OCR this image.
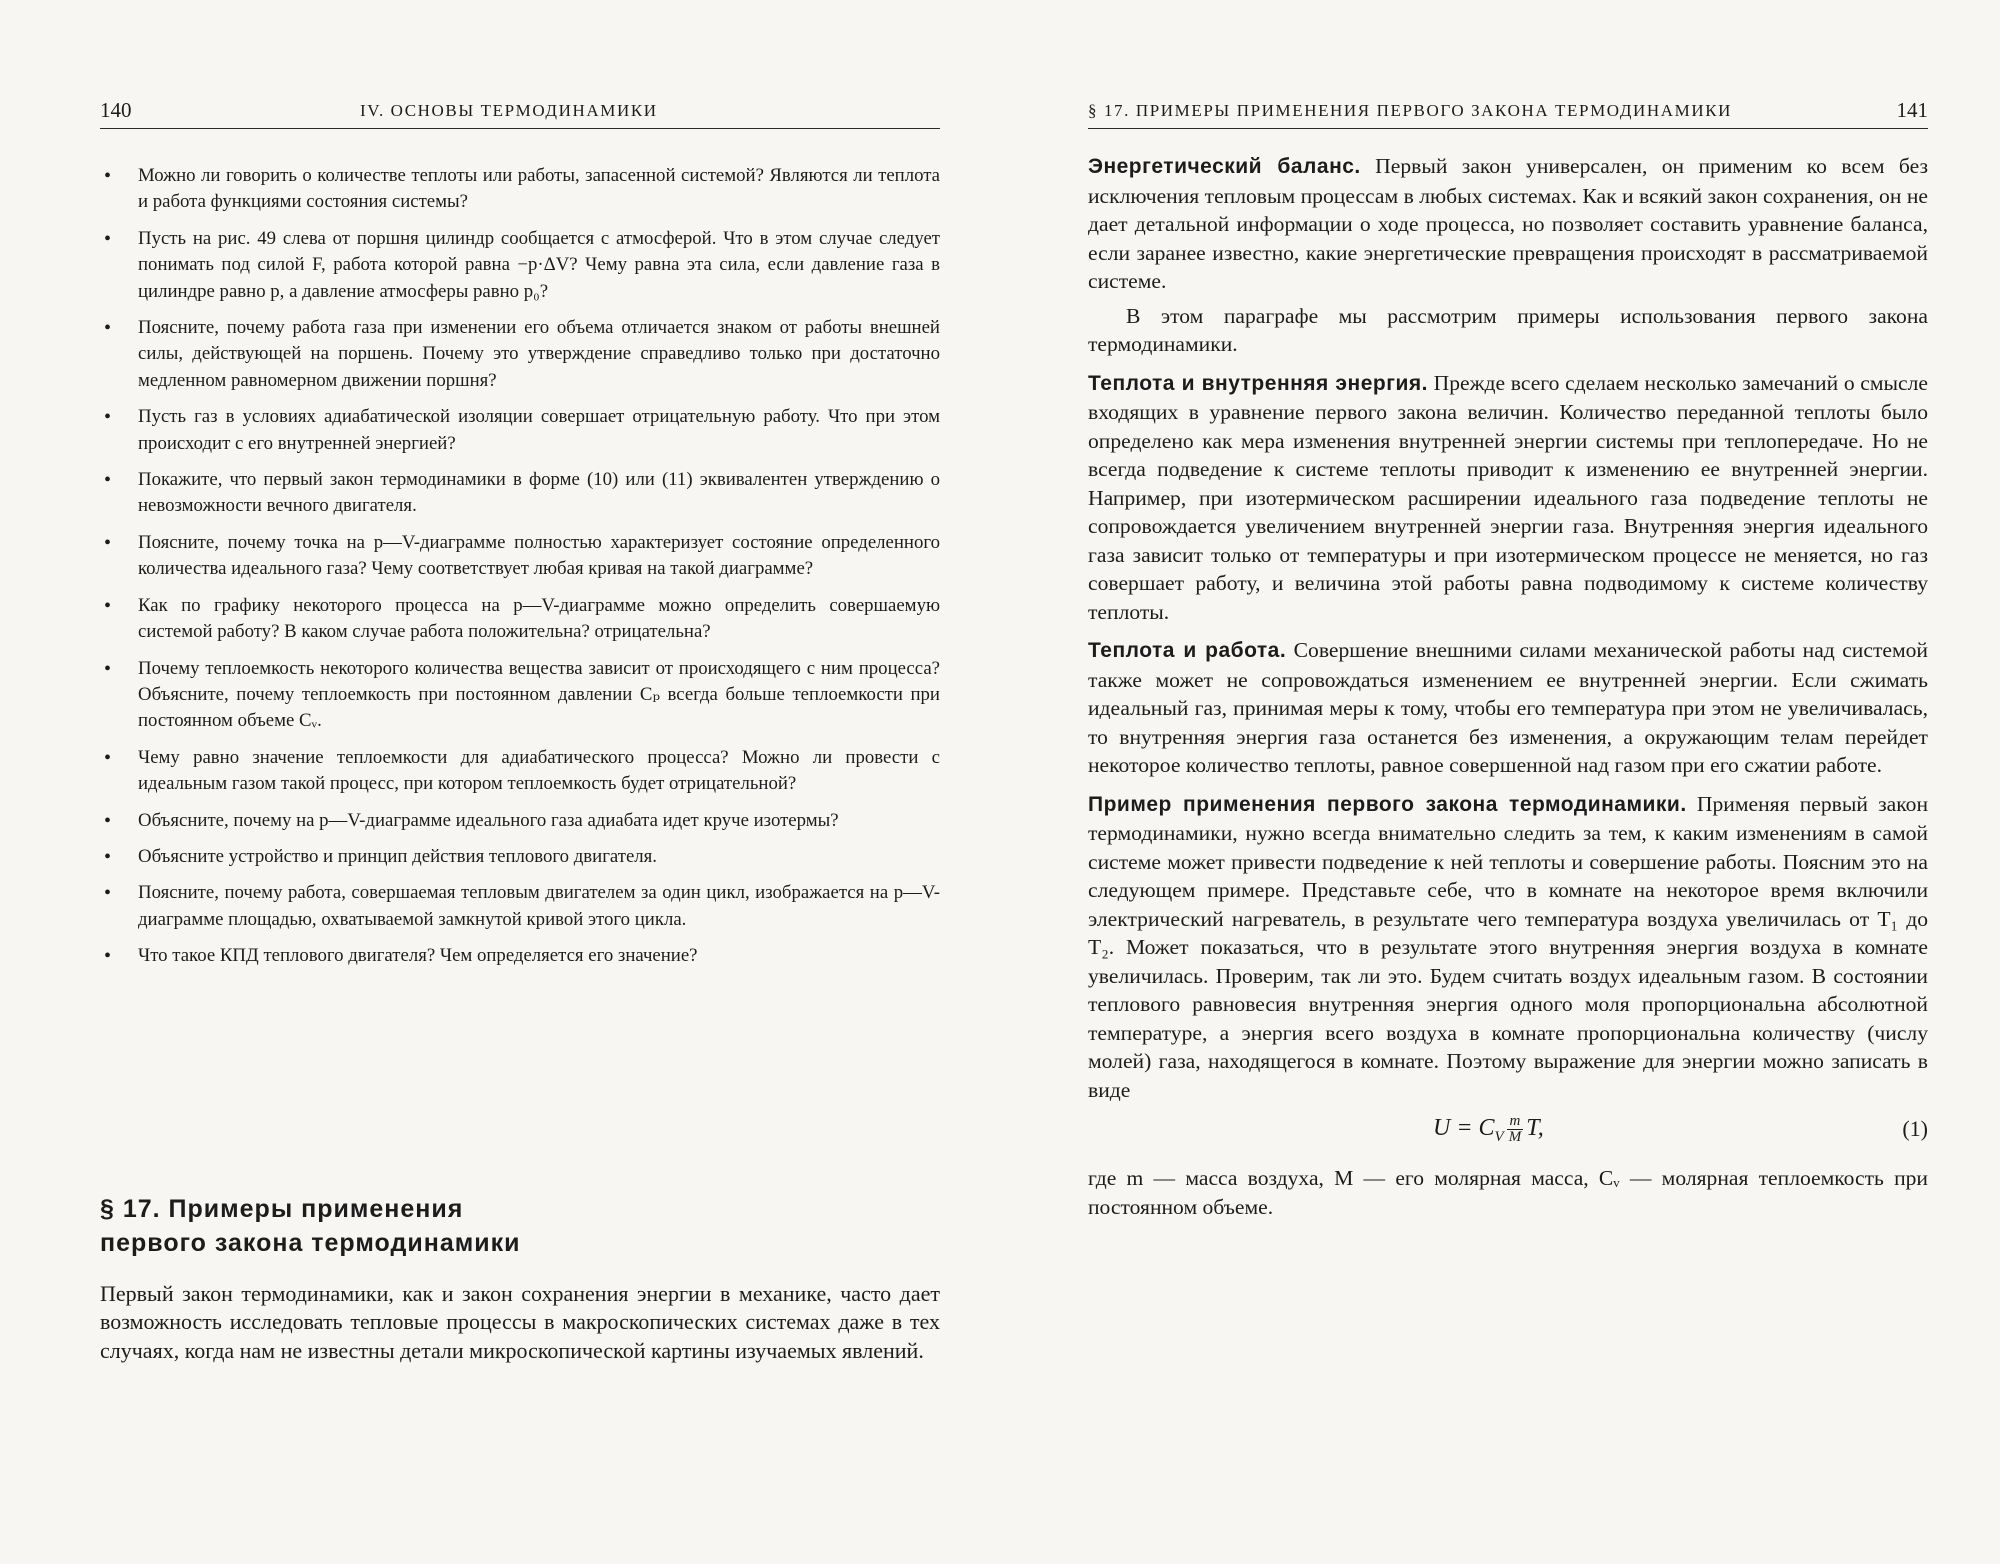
140	IV. ОСНОВЫ ТЕРМОДИНАМИКИ
• Можно ли говорить о количестве теплоты или работы, запасенной системой? Являются ли теплота и работа функциями состояния системы?
• Пусть на рис. 49 слева от поршня цилиндр сообщается с атмосферой. Что в этом случае следует понимать под силой F, работа которой равна −p·ΔV? Чему равна эта сила, если давление газа в цилиндре равно p, а давление атмосферы равно p₀?
• Поясните, почему работа газа при изменении его объема отличается знаком от работы внешней силы, действующей на поршень. Почему это утверждение справедливо только при достаточно медленном равномерном движении поршня?
• Пусть газ в условиях адиабатической изоляции совершает отрицательную работу. Что при этом происходит с его внутренней энергией?
• Покажите, что первый закон термодинамики в форме (10) или (11) эквивалентен утверждению о невозможности вечного двигателя.
• Поясните, почему точка на p—V-диаграмме полностью характеризует состояние определенного количества идеального газа? Чему соответствует любая кривая на такой диаграмме?
• Как по графику некоторого процесса на p—V-диаграмме можно определить совершаемую системой работу? В каком случае работа положительна? отрицательна?
• Почему теплоемкость некоторого количества вещества зависит от происходящего с ним процесса? Объясните, почему теплоемкость при постоянном давлении Cₚ всегда больше теплоемкости при постоянном объеме Cᵥ.
• Чему равно значение теплоемкости для адиабатического процесса? Можно ли провести с идеальным газом такой процесс, при котором теплоемкость будет отрицательной?
• Объясните, почему на p—V-диаграмме идеального газа адиабата идет круче изотермы?
• Объясните устройство и принцип действия теплового двигателя.
• Поясните, почему работа, совершаемая тепловым двигателем за один цикл, изображается на p—V-диаграмме площадью, охватываемой замкнутой кривой этого цикла.
• Что такое КПД теплового двигателя? Чем определяется его значение?
§ 17. Примеры применения
первого закона термодинамики

Первый закон термодинамики, как и закон сохранения энергии в механике, часто дает возможность исследовать тепловые процессы в макроскопических системах даже в тех случаях, когда нам не известны детали микроскопической картины изучаемых явлений.

§ 17. ПРИМЕРЫ ПРИМЕНЕНИЯ ПЕРВОГО ЗАКОНА ТЕРМОДИНАМИКИ	141

Энергетический баланс. Первый закон универсален, он применим ко всем без исключения тепловым процессам в любых системах. Как и всякий закон сохранения, он не дает детальной информации о ходе процесса, но позволяет составить уравнение баланса, если заранее известно, какие энергетические превращения происходят в рассматриваемой системе.

В этом параграфе мы рассмотрим примеры использования первого закона термодинамики.

Теплота и внутренняя энергия. Прежде всего сделаем несколько замечаний о смысле входящих в уравнение первого закона величин. Количество переданной теплоты было определено как мера изменения внутренней энергии системы при теплопередаче. Но не всегда подведение к системе теплоты приводит к изменению ее внутренней энергии. Например, при изотермическом расширении идеального газа подведение теплоты не сопровождается увеличением внутренней энергии газа. Внутренняя энергия идеального газа зависит только от температуры и при изотермическом процессе не меняется, но газ совершает работу, и величина этой работы равна подводимому к системе количеству теплоты.

Теплота и работа. Совершение внешними силами механической работы над системой также может не сопровождаться изменением ее внутренней энергии. Если сжимать идеальный газ, принимая меры к тому, чтобы его температура при этом не увеличивалась, то внутренняя энергия газа останется без изменения, а окружающим телам перейдет некоторое количество теплоты, равное совершенной над газом при его сжатии работе.

Пример применения первого закона термодинамики. Применяя первый закон термодинамики, нужно всегда внимательно следить за тем, к каким изменениям в самой системе может привести подведение к ней теплоты и совершение работы. Поясним это на следующем примере. Представьте себе, что в комнате на некоторое время включили электрический нагреватель, в результате чего температура воздуха увеличилась от T₁ до T₂. Может показаться, что в результате этого внутренняя энергия воздуха в комнате увеличилась. Проверим, так ли это. Будем считать воздух идеальным газом. В состоянии теплового равновесия внутренняя энергия одного моля пропорциональна абсолютной температуре, а энергия всего воздуха в комнате пропорциональна количеству (числу молей) газа, находящегося в комнате. Поэтому выражение для энергии можно записать в виде

$U = C_V \frac{m}{M} T$,	(1)

где m — масса воздуха, M — его молярная масса, Cᵥ — молярная теплоемкость при постоянном объеме.
